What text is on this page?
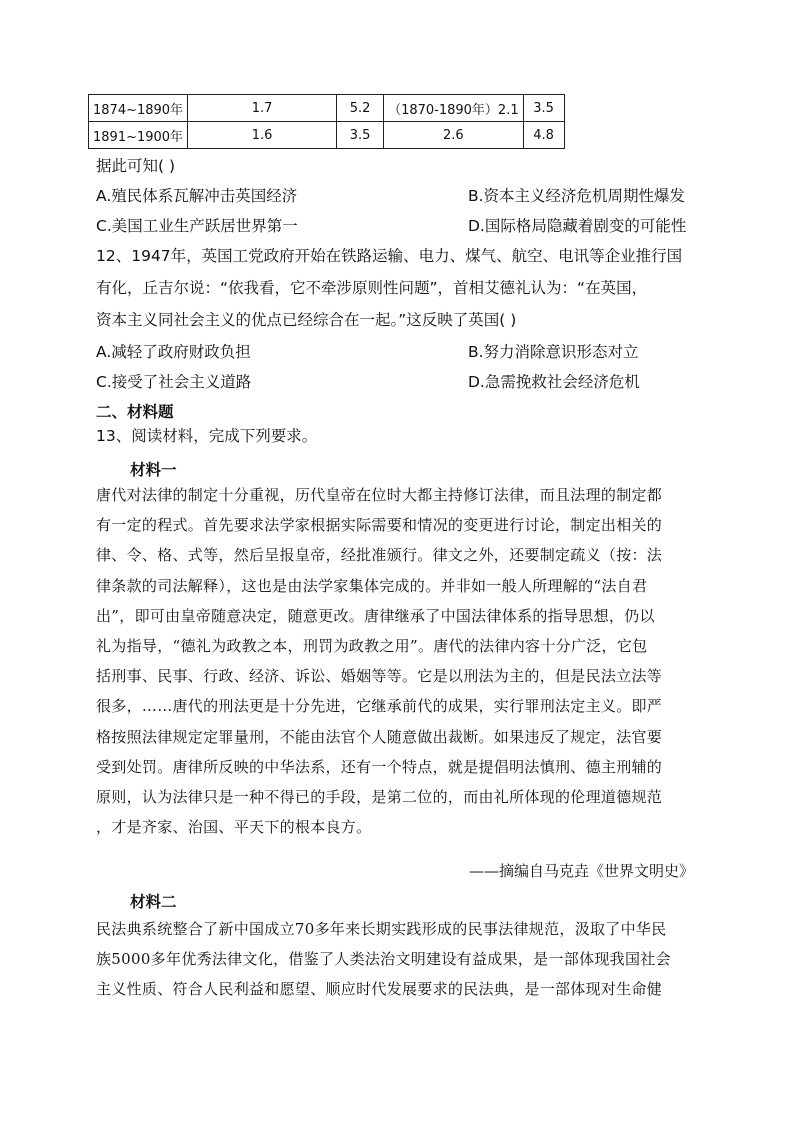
1874~1890年	1.7	5.2	（1870-1890年）2.1	3.5
1891~1900年	1.6	3.5	2.6	4.8
据此可知( )
A.殖民体系瓦解冲击英国经济	B.资本主义经济危机周期性爆发
C.美国工业生产跃居世界第一	D.国际格局隐藏着剧变的可能性
12、1947年，英国工党政府开始在铁路运输、电力、煤气、航空、电讯等企业推行国
有化，丘吉尔说：“依我看，它不牵涉原则性问题”，首相艾德礼认为：“在英国，
资本主义同社会主义的优点已经综合在一起。”这反映了英国( )
A.减轻了政府财政负担	B.努力消除意识形态对立
C.接受了社会主义道路	D.急需挽救社会经济危机
二、材料题
13、阅读材料，完成下列要求。
材料一

唐代对法律的制定十分重视，历代皇帝在位时大都主持修订法律，而且法理的制定都

有一定的程式。首先要求法学家根据实际需要和情况的变更进行讨论，制定出相关的

律、令、格、式等，然后呈报皇帝，经批准颁行。律文之外，还要制定疏义（按：法

律条款的司法解释），这也是由法学家集体完成的。并非如一般人所理解的“法自君

出”，即可由皇帝随意决定，随意更改。唐律继承了中国法律体系的指导思想，仍以

礼为指导，“德礼为政教之本，刑罚为政教之用”。唐代的法律内容十分广泛，它包

括刑事、民事、行政、经济、诉讼、婚姻等等。它是以刑法为主的，但是民法立法等

很多，……唐代的刑法更是十分先进，它继承前代的成果，实行罪刑法定主义。即严

格按照法律规定定罪量刑，不能由法官个人随意做出裁断。如果违反了规定，法官要

受到处罚。唐律所反映的中华法系，还有一个特点，就是提倡明法慎刑、德主刑辅的

原则，认为法律只是一种不得已的手段，是第二位的，而由礼所体现的伦理道德规范

，才是齐家、治国、平天下的根本良方。

——摘编自马克垚《世界文明史》
材料二

民法典系统整合了新中国成立70多年来长期实践形成的民事法律规范，汲取了中华民

族5000多年优秀法律文化，借鉴了人类法治文明建设有益成果，是一部体现我国社会

主义性质、符合人民利益和愿望、顺应时代发展要求的民法典，是一部体现对生命健
